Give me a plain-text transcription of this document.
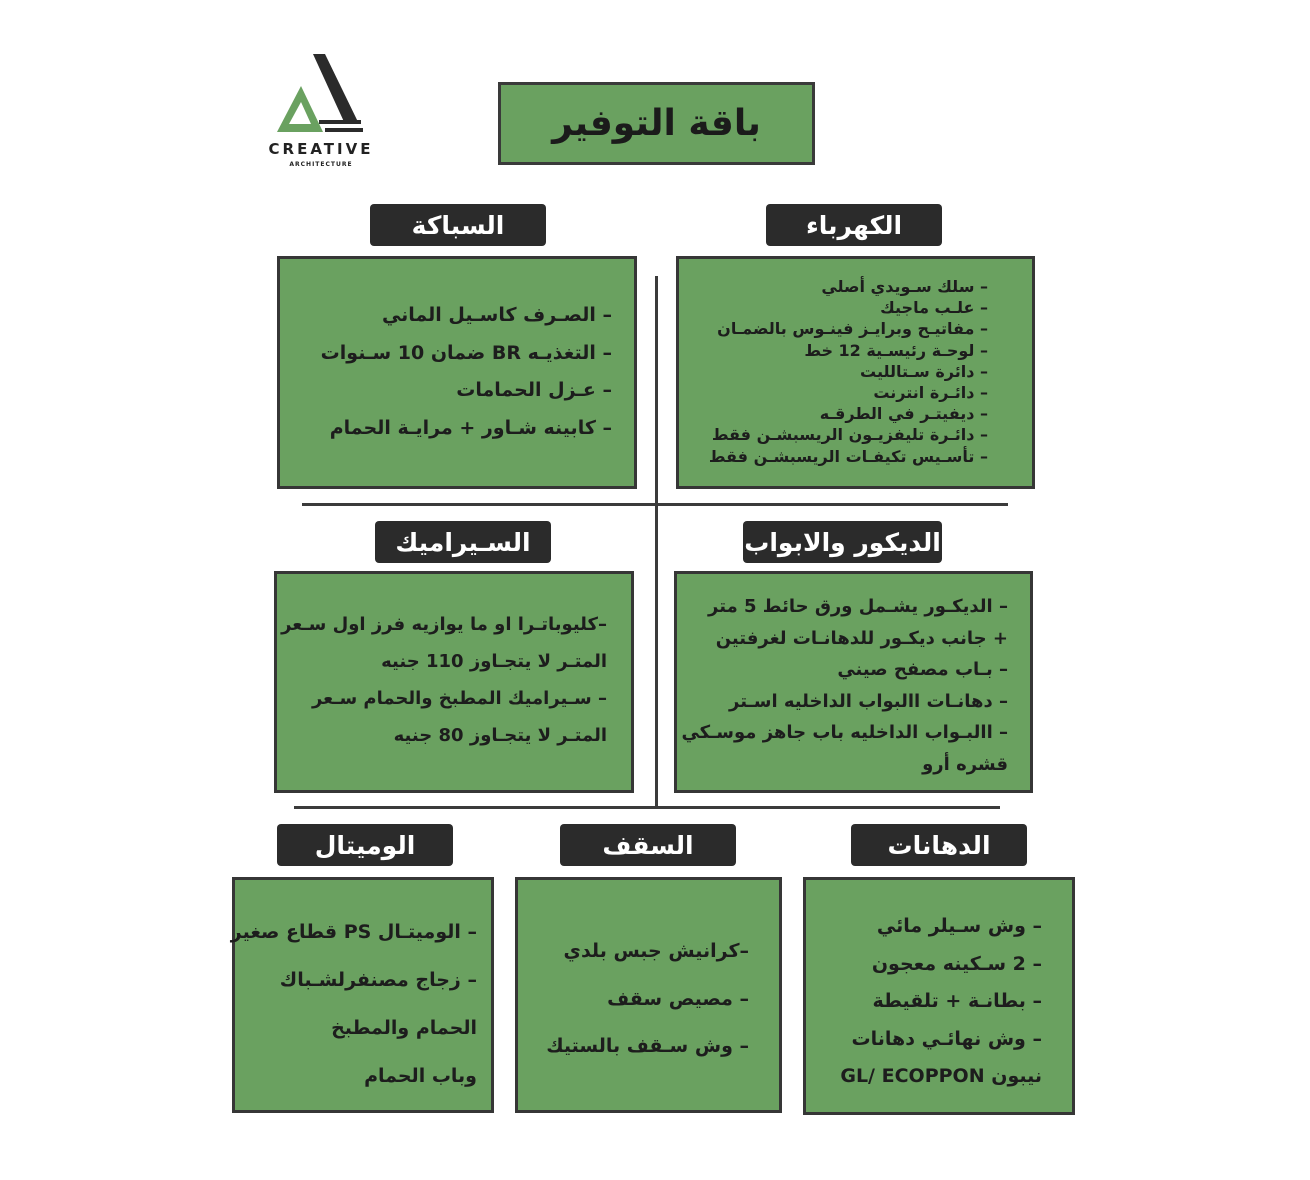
CREATIVE
ARCHITECTURE
باقة التوفير
الكهرباء
– سلك سـويدي أصلي
– علـب ماجيك
– مفاتيـح وبرايـز فينـوس بالضمـان
– لوحـة رئيسـية 12 خط
– دائرة سـتالليت
– دائـرة انترنت
– ديفيتـر في الطرقـه
– دائـرة تليفزيـون الريسبشـن فقط
– تأسـيس تكيفـات الريسبشـن فقط
السباكة
– الصـرف كاسـيل الماني
– التغذيـه BR ضمان 10 سـنوات
– عـزل الحمامات
– كابينه شـاور + مرايـة الحمام
الديكور والابواب
– الديكـور يشـمل ورق حائط 5 متر
+ جانب ديكـور للدهانـات لغرفتين
– بـاب مصفح صيني
– دهانـات االبواب الداخليه اسـتر
– االبـواب الداخليه باب جاهز موسـكي
قشره أرو
السـيراميك
–كليوباتـرا او ما يوازيه فرز اول سـعر
المتـر لا يتجـاوز 110 جنيه
– سـيراميك المطبخ والحمام سـعر
المتـر لا يتجـاوز 80 جنيه
الدهانات
– وش سـيلر مائي
– 2 سـكينه معجون
– بطانـة + تلقيطة
– وش نهائـي دهانات
نيبون GL/ ECOPPON
السقف
–كرانيش جبس بلدي
– مصيص سقف
– وش سـقف بالستيك
الوميتال
– الوميتـال PS قطاع صغير
– زجاج مصنفرلشـباك
الحمام والمطبخ
وباب الحمام
